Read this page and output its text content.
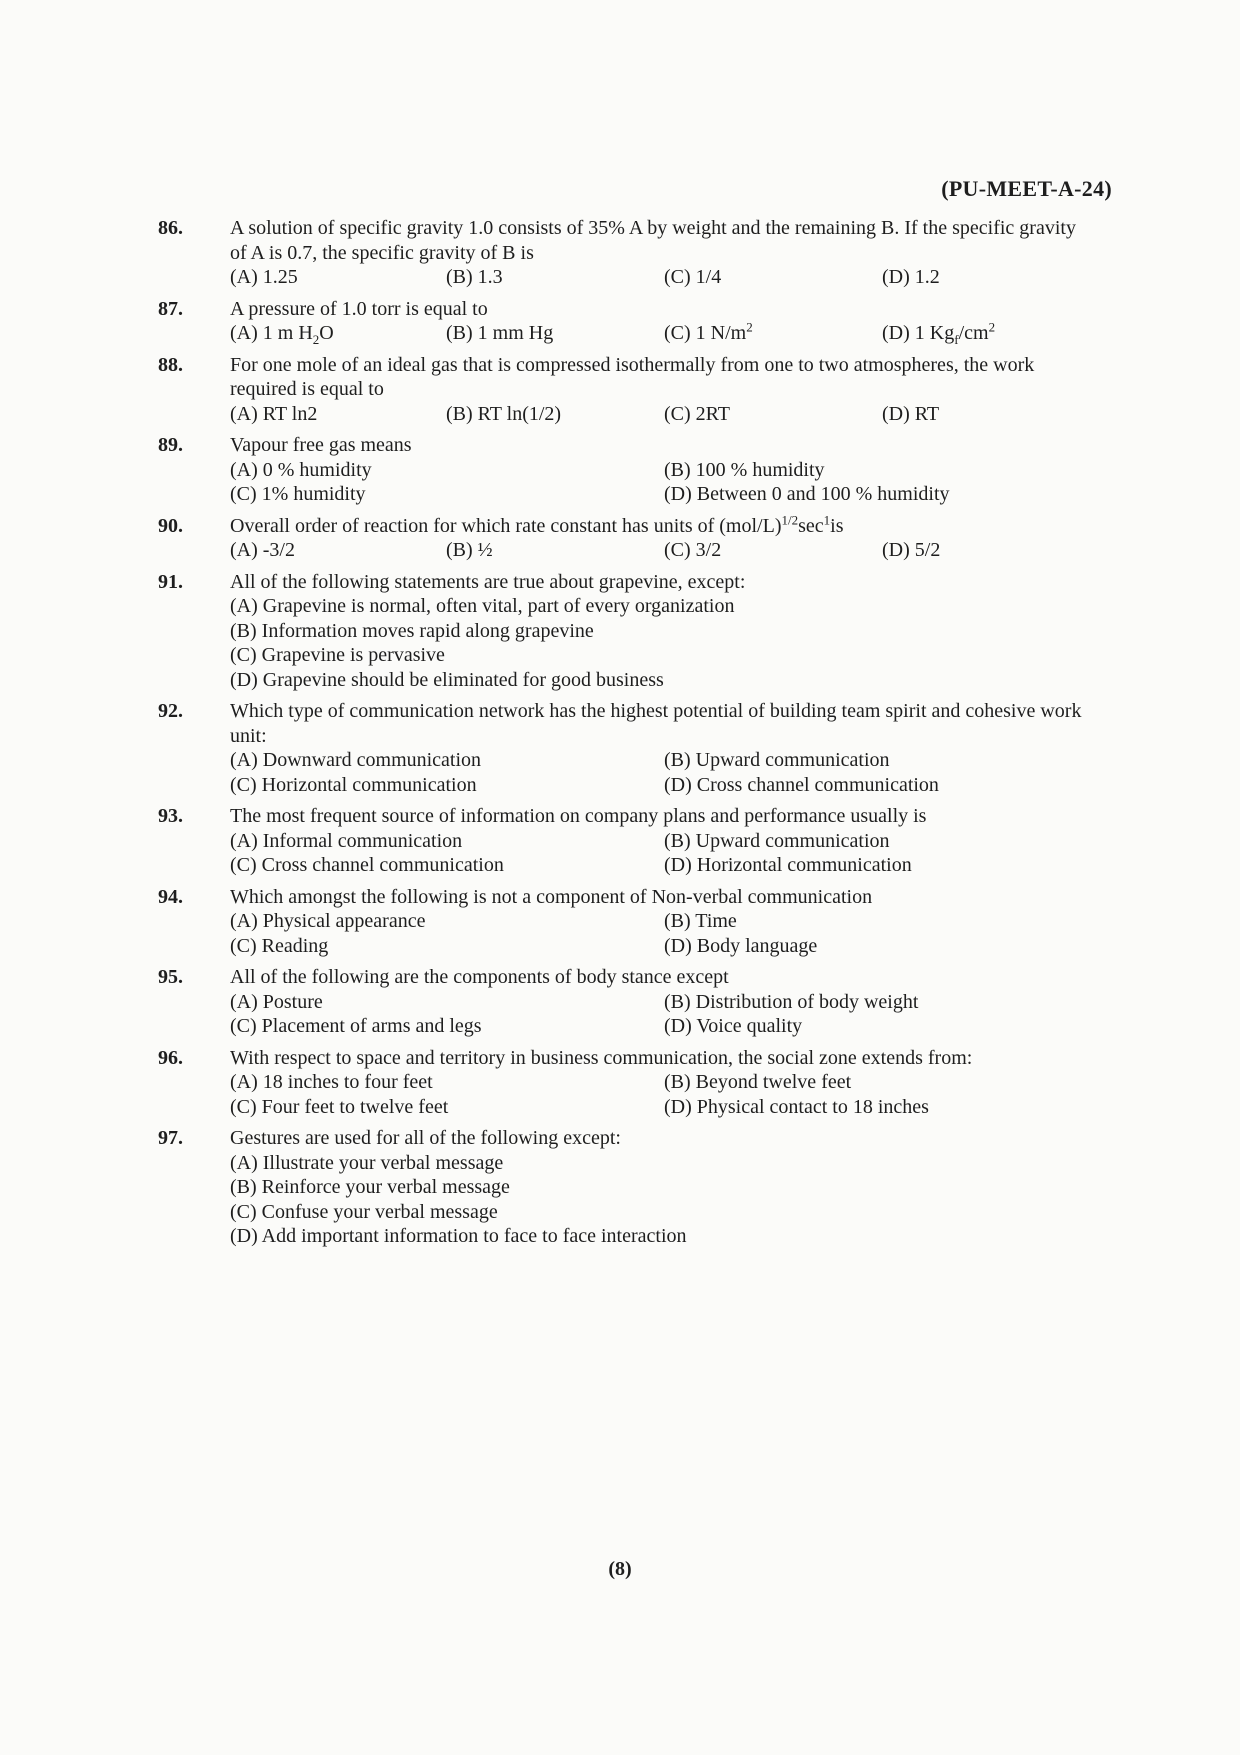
(PU-MEET-A-24)
86. A solution of specific gravity 1.0 consists of 35% A by weight and the remaining B. If the specific gravity of A is 0.7, the specific gravity of B is
(A) 1.25	(B) 1.3	(C) 1/4	(D) 1.2
87. A pressure of 1.0 torr is equal to
(A) 1 m $H_2O$	(B) 1 mm Hg	(C) 1 $N/m^2$	(D) 1 $Kg_f/cm^2$
88. For one mole of an ideal gas that is compressed isothermally from one to two atmospheres, the work required is equal to
(A) RT ln2	(B) RT ln(1/2)	(C) 2RT	(D) RT
89. Vapour free gas means
(A) 0 % humidity	(B) 100 % humidity
(C) 1% humidity	(D) Between 0 and 100 % humidity
90. Overall order of reaction for which rate constant has units of $(mol/L)^{1/2}\sec^1is$
(A) -3/2	(B) ½	(C) 3/2	(D) 5/2
91. All of the following statements are true about grapevine, except:
(A) Grapevine is normal, often vital, part of every organization
(B) Information moves rapid along grapevine
(C) Grapevine is pervasive
(D) Grapevine should be eliminated for good business
92. Which type of communication network has the highest potential of building team spirit and cohesive work unit:
(A) Downward communication	(B) Upward communication
(C) Horizontal communication	(D) Cross channel communication
93. The most frequent source of information on company plans and performance usually is
(A) Informal communication	(B) Upward communication
(C) Cross channel communication	(D) Horizontal communication
94. Which amongst the following is not a component of Non-verbal communication
(A) Physical appearance	(B) Time
(C) Reading	(D) Body language
95. All of the following are the components of body stance except
(A) Posture	(B) Distribution of body weight
(C) Placement of arms and legs	(D) Voice quality
96. With respect to space and territory in business communication, the social zone extends from:
(A) 18 inches to four feet	(B) Beyond twelve feet
(C) Four feet to twelve feet	(D) Physical contact to 18 inches
97. Gestures are used for all of the following except:
(A) Illustrate your verbal message
(B) Reinforce your verbal message
(C) Confuse your verbal message
(D) Add important information to face to face interaction
(8)
